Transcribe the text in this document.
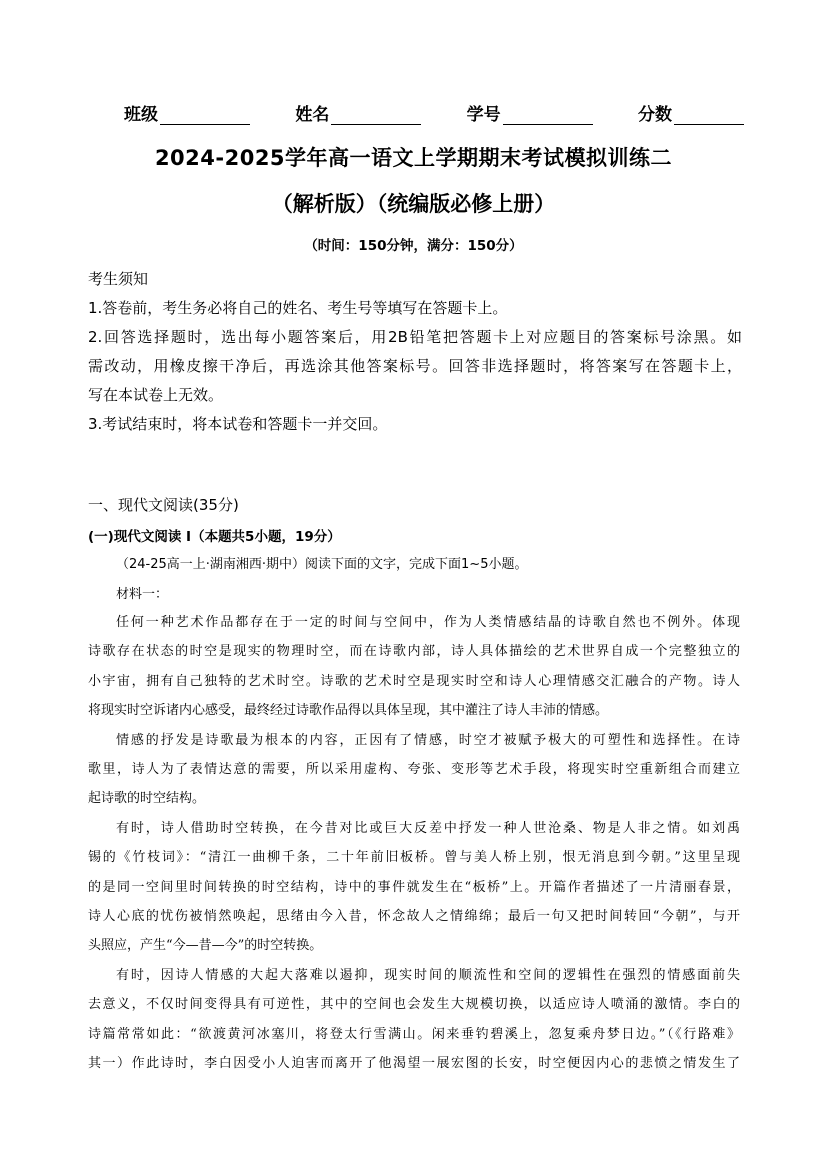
班级	姓名	学号	分数
2024-2025学年高一语文上学期期末考试模拟训练二
（解析版）（统编版必修上册）
（时间：150分钟，满分：150分）
考生须知
1.答卷前，考生务必将自己的姓名、考生号等填写在答题卡上。
2.回答选择题时，选出每小题答案后，用2B铅笔把答题卡上对应题目的答案标号涂黑。如
需改动，用橡皮擦干净后，再选涂其他答案标号。回答非选择题时，将答案写在答题卡上，
写在本试卷上无效。
3.考试结束时，将本试卷和答题卡一并交回。
一、现代文阅读(35分)
(一)现代文阅读 I（本题共5小题，19分）
（24-25高一上·湖南湘西·期中）阅读下面的文字，完成下面1~5小题。
材料一：
任何一种艺术作品都存在于一定的时间与空间中，作为人类情感结晶的诗歌自然也不例外。体现
诗歌存在状态的时空是现实的物理时空，而在诗歌内部，诗人具体描绘的艺术世界自成一个完整独立的
小宇宙，拥有自己独特的艺术时空。诗歌的艺术时空是现实时空和诗人心理情感交汇融合的产物。诗人
将现实时空诉诸内心感受，最终经过诗歌作品得以具体呈现，其中灌注了诗人丰沛的情感。
情感的抒发是诗歌最为根本的内容，正因有了情感，时空才被赋予极大的可塑性和选择性。在诗
歌里，诗人为了表情达意的需要，所以采用虚构、夸张、变形等艺术手段，将现实时空重新组合而建立
起诗歌的时空结构。
有时，诗人借助时空转换，在今昔对比或巨大反差中抒发一种人世沧桑、物是人非之情。如刘禹
锡的《竹枝词》：“清江一曲柳千条，二十年前旧板桥。曾与美人桥上别，恨无消息到今朝。”这里呈现
的是同一空间里时间转换的时空结构，诗中的事件就发生在“板桥”上。开篇作者描述了一片清丽春景，
诗人心底的忧伤被悄然唤起，思绪由今入昔，怀念故人之情绵绵；最后一句又把时间转回“今朝”，与开
头照应，产生“今—昔—今”的时空转换。
有时，因诗人情感的大起大落难以遏抑，现实时间的顺流性和空间的逻辑性在强烈的情感面前失
去意义，不仅时间变得具有可逆性，其中的空间也会发生大规模切换，以适应诗人喷涌的激情。李白的
诗篇常常如此：“欲渡黄河冰塞川，将登太行雪满山。闲来垂钓碧溪上，忽复乘舟梦日边。”（《行路难》
其一）作此诗时，李白因受小人迫害而离开了他渴望一展宏图的长安，时空便因内心的悲愤之情发生了
